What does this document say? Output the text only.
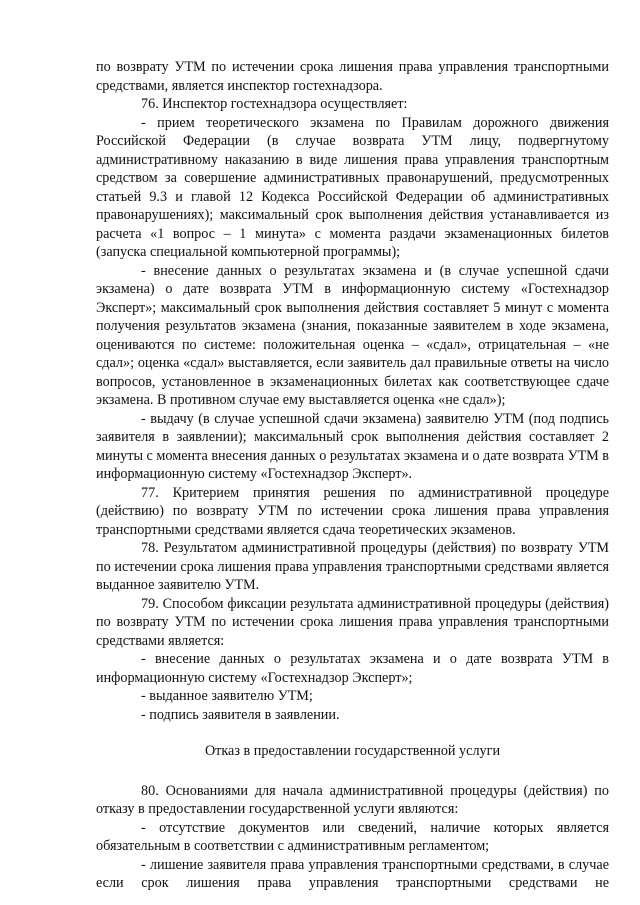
по возврату УТМ по истечении срока лишения права управления транспортными средствами, является инспектор гостехнадзора.

76. Инспектор гостехнадзора осуществляет:

- прием теоретического экзамена по Правилам дорожного движения Российской Федерации (в случае возврата УТМ лицу, подвергнутому административному наказанию в виде лишения права управления транспортным средством за совершение административных правонарушений, предусмотренных статьей 9.3 и главой 12 Кодекса Российской Федерации об административных правонарушениях); максимальный срок выполнения действия устанавливается из расчета «1 вопрос – 1 минута» с момента раздачи экзаменационных билетов (запуска специальной компьютерной программы);

- внесение данных о результатах экзамена и (в случае успешной сдачи экзамена) о дате возврата УТМ в информационную систему «Гостехнадзор Эксперт»; максимальный срок выполнения действия составляет 5 минут с момента получения результатов экзамена (знания, показанные заявителем в ходе экзамена, оцениваются по системе: положительная оценка – «сдал», отрицательная – «не сдал»; оценка «сдал» выставляется, если заявитель дал правильные ответы на число вопросов, установленное в экзаменационных билетах как соответствующее сдаче экзамена. В противном случае ему выставляется оценка «не сдал»);

- выдачу (в случае успешной сдачи экзамена) заявителю УТМ (под подпись заявителя в заявлении); максимальный срок выполнения действия составляет 2 минуты с момента внесения данных о результатах экзамена и о дате возврата УТМ в информационную систему «Гостехнадзор Эксперт».

77. Критерием принятия решения по административной процедуре (действию) по возврату УТМ по истечении срока лишения права управления транспортными средствами является сдача теоретических экзаменов.

78. Результатом административной процедуры (действия) по возврату УТМ по истечении срока лишения права управления транспортными средствами является выданное заявителю УТМ.

79. Способом фиксации результата административной процедуры (действия) по возврату УТМ по истечении срока лишения права управления транспортными средствами является:

- внесение данных о результатах экзамена и о дате возврата УТМ в информационную систему «Гостехнадзор Эксперт»;

- выданное заявителю УТМ;

- подпись заявителя в заявлении.

Отказ в предоставлении государственной услуги

80. Основаниями для начала административной процедуры (действия) по отказу в предоставлении государственной услуги являются:

- отсутствие документов или сведений, наличие которых является обязательным в соответствии с административным регламентом;

- лишение заявителя права управления транспортными средствами, в случае если срок лишения права управления транспортными средствами не
